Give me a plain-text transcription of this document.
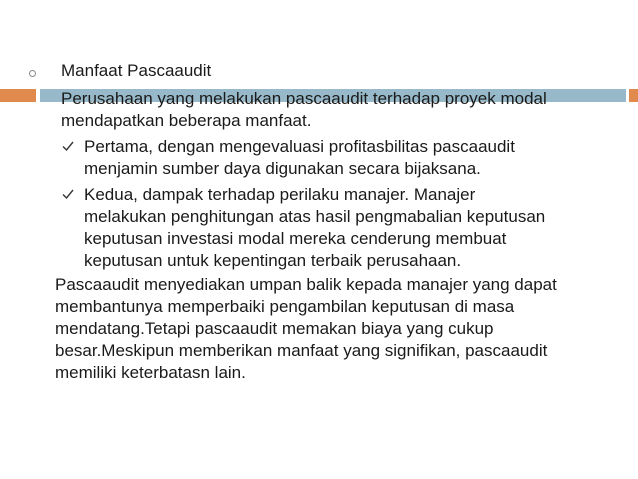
Manfaat Pascaaudit

Perusahaan yang melakukan pascaaudit terhadap proyek modal mendapatkan beberapa manfaat.

Pertama, dengan mengevaluasi profitasbilitas pascaaudit menjamin sumber daya digunakan secara bijaksana.
Kedua, dampak terhadap perilaku manajer. Manajer melakukan penghitungan atas hasil pengmabalian keputusan keputusan investasi modal mereka cenderung membuat keputusan untuk kepentingan terbaik perusahaan.

Pascaaudit menyediakan umpan balik kepada manajer yang dapat membantunya memperbaiki pengambilan keputusan di masa mendatang.Tetapi pascaaudit memakan biaya yang cukup besar.Meskipun memberikan manfaat yang signifikan, pascaaudit memiliki keterbatasn lain.
